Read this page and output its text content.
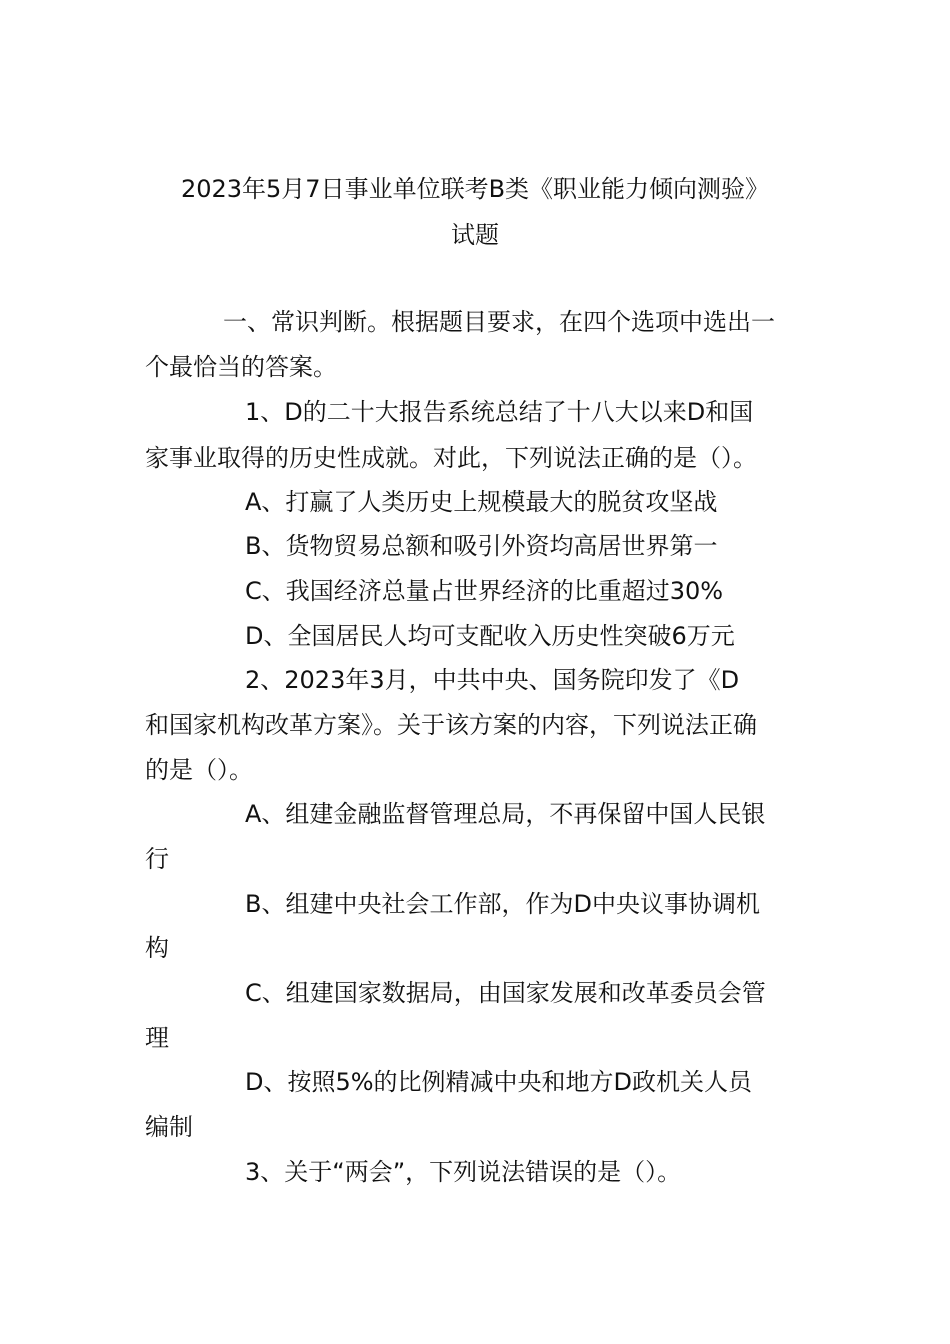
2023年5月7日事业单位联考B类《职业能力倾向测验》
试题
一、常识判断。根据题目要求，在四个选项中选出一
个最恰当的答案。
1、D的二十大报告系统总结了十八大以来D和国
家事业取得的历史性成就。对此，下列说法正确的是（）。
A、打赢了人类历史上规模最大的脱贫攻坚战
B、货物贸易总额和吸引外资均高居世界第一
C、我国经济总量占世界经济的比重超过30%
D、全国居民人均可支配收入历史性突破6万元
2、2023年3月，中共中央、国务院印发了《D
和国家机构改革方案》。关于该方案的内容，下列说法正确
的是（）。
A、组建金融监督管理总局，不再保留中国人民银
行
B、组建中央社会工作部，作为D中央议事协调机
构
C、组建国家数据局，由国家发展和改革委员会管
理
D、按照5%的比例精减中央和地方D政机关人员
编制
3、关于“两会”，下列说法错误的是（）。
